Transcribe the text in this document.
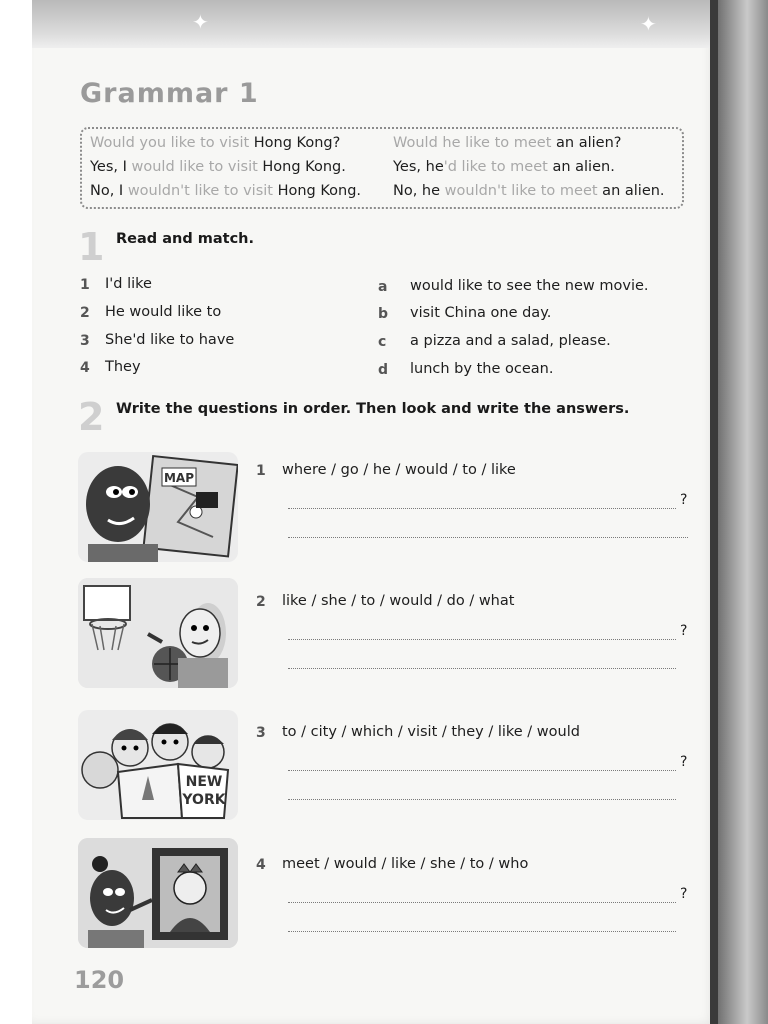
✦	✦
Grammar 1
Would you like to visit Hong Kong?
Yes, I would like to visit Hong Kong.
No, I wouldn't like to visit Hong Kong.
Would he like to meet an alien?
Yes, he'd like to meet an alien.
No, he wouldn't like to meet an alien.
1 Read and match.
1 I'd like
2 He would like to
3 She'd like to have
4 They
a would like to see the new movie.
b visit China one day.
c a pizza and a salad, please.
d lunch by the ocean.
2 Write the questions in order. Then look and write the answers.
MAP	1 where / go / he / would / to / like
?
2 like / she / to / would / do / what
?
NEW
YORK
3 to / city / which / visit / they / like / would
?
4 meet / would / like / she / to / who
?
120
